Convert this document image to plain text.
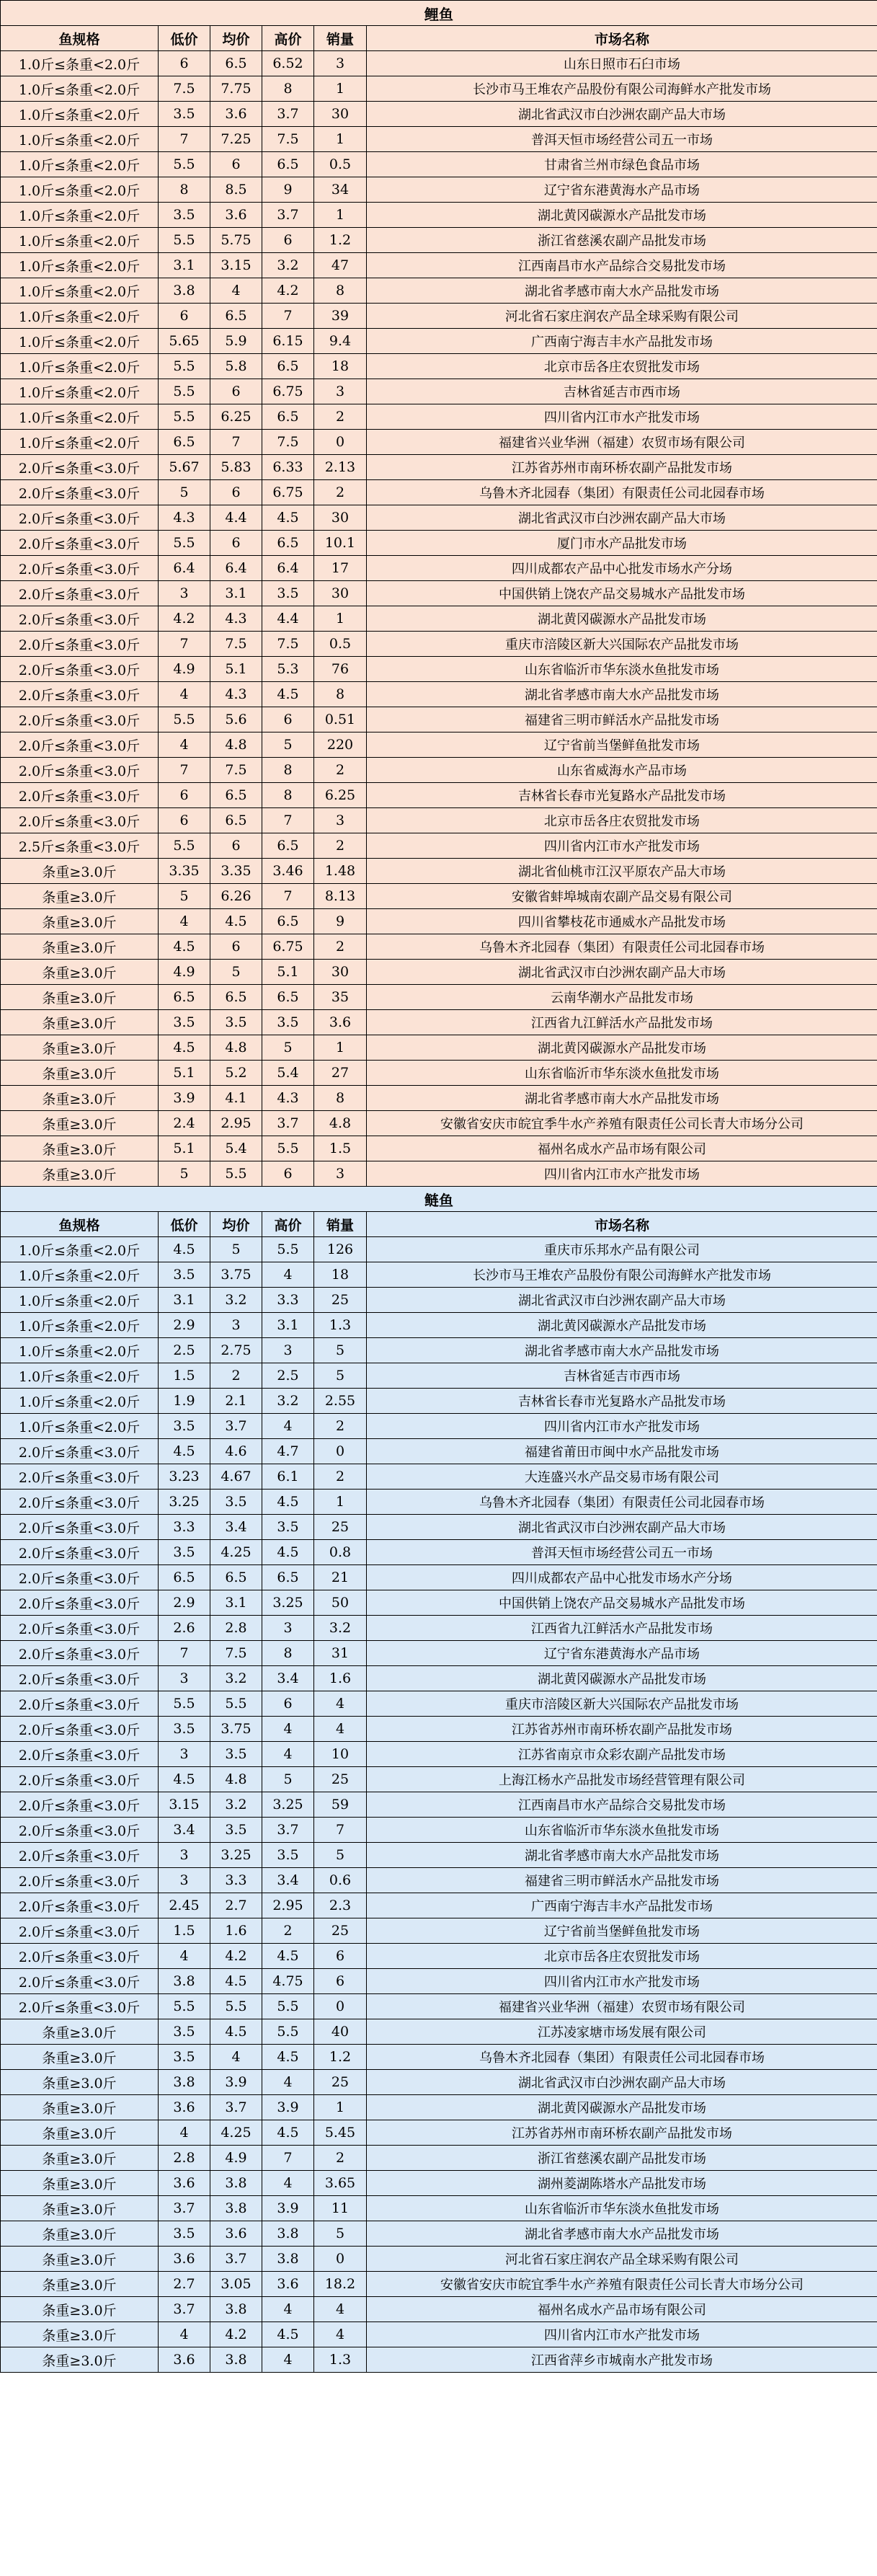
鲤鱼					
鱼规格	低价	均价	高价	销量	市场名称
1.0斤≤条重<2.0斤	6	6.5	6.52	3	山东日照市石臼市场
1.0斤≤条重<2.0斤	7.5	7.75	8	1	长沙市马王堆农产品股份有限公司海鲜水产批发市场
1.0斤≤条重<2.0斤	3.5	3.6	3.7	30	湖北省武汉市白沙洲农副产品大市场
1.0斤≤条重<2.0斤	7	7.25	7.5	1	普洱天恒市场经营公司五一市场
1.0斤≤条重<2.0斤	5.5	6	6.5	0.5	甘肃省兰州市绿色食品市场
1.0斤≤条重<2.0斤	8	8.5	9	34	辽宁省东港黄海水产品市场
1.0斤≤条重<2.0斤	3.5	3.6	3.7	1	湖北黄冈碳源水产品批发市场
1.0斤≤条重<2.0斤	5.5	5.75	6	1.2	浙江省慈溪农副产品批发市场
1.0斤≤条重<2.0斤	3.1	3.15	3.2	47	江西南昌市水产品综合交易批发市场
1.0斤≤条重<2.0斤	3.8	4	4.2	8	湖北省孝感市南大水产品批发市场
1.0斤≤条重<2.0斤	6	6.5	7	39	河北省石家庄润农产品全球采购有限公司
1.0斤≤条重<2.0斤	5.65	5.9	6.15	9.4	广西南宁海吉丰水产品批发市场
1.0斤≤条重<2.0斤	5.5	5.8	6.5	18	北京市岳各庄农贸批发市场
1.0斤≤条重<2.0斤	5.5	6	6.75	3	吉林省延吉市西市场
1.0斤≤条重<2.0斤	5.5	6.25	6.5	2	四川省内江市水产批发市场
1.0斤≤条重<2.0斤	6.5	7	7.5	0	福建省兴业华洲（福建）农贸市场有限公司
2.0斤≤条重<3.0斤	5.67	5.83	6.33	2.13	江苏省苏州市南环桥农副产品批发市场
2.0斤≤条重<3.0斤	5	6	6.75	2	乌鲁木齐北园春（集团）有限责任公司北园春市场
2.0斤≤条重<3.0斤	4.3	4.4	4.5	30	湖北省武汉市白沙洲农副产品大市场
2.0斤≤条重<3.0斤	5.5	6	6.5	10.1	厦门市水产品批发市场
2.0斤≤条重<3.0斤	6.4	6.4	6.4	17	四川成都农产品中心批发市场水产分场
2.0斤≤条重<3.0斤	3	3.1	3.5	30	中国供销上饶农产品交易城水产品批发市场
2.0斤≤条重<3.0斤	4.2	4.3	4.4	1	湖北黄冈碳源水产品批发市场
2.0斤≤条重<3.0斤	7	7.5	7.5	0.5	重庆市涪陵区新大兴国际农产品批发市场
2.0斤≤条重<3.0斤	4.9	5.1	5.3	76	山东省临沂市华东淡水鱼批发市场
2.0斤≤条重<3.0斤	4	4.3	4.5	8	湖北省孝感市南大水产品批发市场
2.0斤≤条重<3.0斤	5.5	5.6	6	0.51	福建省三明市鲜活水产品批发市场
2.0斤≤条重<3.0斤	4	4.8	5	220	辽宁省前当堡鲜鱼批发市场
2.0斤≤条重<3.0斤	7	7.5	8	2	山东省威海水产品市场
2.0斤≤条重<3.0斤	6	6.5	8	6.25	吉林省长春市光复路水产品批发市场
2.0斤≤条重<3.0斤	6	6.5	7	3	北京市岳各庄农贸批发市场
2.5斤≤条重<3.0斤	5.5	6	6.5	2	四川省内江市水产批发市场
条重≥3.0斤	3.35	3.35	3.46	1.48	湖北省仙桃市江汉平原农产品大市场
条重≥3.0斤	5	6.26	7	8.13	安徽省蚌埠城南农副产品交易有限公司
条重≥3.0斤	4	4.5	6.5	9	四川省攀枝花市通威水产品批发市场
条重≥3.0斤	4.5	6	6.75	2	乌鲁木齐北园春（集团）有限责任公司北园春市场
条重≥3.0斤	4.9	5	5.1	30	湖北省武汉市白沙洲农副产品大市场
条重≥3.0斤	6.5	6.5	6.5	35	云南华潮水产品批发市场
条重≥3.0斤	3.5	3.5	3.5	3.6	江西省九江鲜活水产品批发市场
条重≥3.0斤	4.5	4.8	5	1	湖北黄冈碳源水产品批发市场
条重≥3.0斤	5.1	5.2	5.4	27	山东省临沂市华东淡水鱼批发市场
条重≥3.0斤	3.9	4.1	4.3	8	湖北省孝感市南大水产品批发市场
条重≥3.0斤	2.4	2.95	3.7	4.8	安徽省安庆市皖宜季牛水产养殖有限责任公司长青大市场分公司
条重≥3.0斤	5.1	5.4	5.5	1.5	福州名成水产品市场有限公司
条重≥3.0斤	5	5.5	6	3	四川省内江市水产批发市场
鲢鱼					
鱼规格	低价	均价	高价	销量	市场名称
1.0斤≤条重<2.0斤	4.5	5	5.5	126	重庆市乐邦水产品有限公司
1.0斤≤条重<2.0斤	3.5	3.75	4	18	长沙市马王堆农产品股份有限公司海鲜水产批发市场
1.0斤≤条重<2.0斤	3.1	3.2	3.3	25	湖北省武汉市白沙洲农副产品大市场
1.0斤≤条重<2.0斤	2.9	3	3.1	1.3	湖北黄冈碳源水产品批发市场
1.0斤≤条重<2.0斤	2.5	2.75	3	5	湖北省孝感市南大水产品批发市场
1.0斤≤条重<2.0斤	1.5	2	2.5	5	吉林省延吉市西市场
1.0斤≤条重<2.0斤	1.9	2.1	3.2	2.55	吉林省长春市光复路水产品批发市场
1.0斤≤条重<2.0斤	3.5	3.7	4	2	四川省内江市水产批发市场
2.0斤≤条重<3.0斤	4.5	4.6	4.7	0	福建省莆田市闽中水产品批发市场
2.0斤≤条重<3.0斤	3.23	4.67	6.1	2	大连盛兴水产品交易市场有限公司
2.0斤≤条重<3.0斤	3.25	3.5	4.5	1	乌鲁木齐北园春（集团）有限责任公司北园春市场
2.0斤≤条重<3.0斤	3.3	3.4	3.5	25	湖北省武汉市白沙洲农副产品大市场
2.0斤≤条重<3.0斤	3.5	4.25	4.5	0.8	普洱天恒市场经营公司五一市场
2.0斤≤条重<3.0斤	6.5	6.5	6.5	21	四川成都农产品中心批发市场水产分场
2.0斤≤条重<3.0斤	2.9	3.1	3.25	50	中国供销上饶农产品交易城水产品批发市场
2.0斤≤条重<3.0斤	2.6	2.8	3	3.2	江西省九江鲜活水产品批发市场
2.0斤≤条重<3.0斤	7	7.5	8	31	辽宁省东港黄海水产品市场
2.0斤≤条重<3.0斤	3	3.2	3.4	1.6	湖北黄冈碳源水产品批发市场
2.0斤≤条重<3.0斤	5.5	5.5	6	4	重庆市涪陵区新大兴国际农产品批发市场
2.0斤≤条重<3.0斤	3.5	3.75	4	4	江苏省苏州市南环桥农副产品批发市场
2.0斤≤条重<3.0斤	3	3.5	4	10	江苏省南京市众彩农副产品批发市场
2.0斤≤条重<3.0斤	4.5	4.8	5	25	上海江杨水产品批发市场经营管理有限公司
2.0斤≤条重<3.0斤	3.15	3.2	3.25	59	江西南昌市水产品综合交易批发市场
2.0斤≤条重<3.0斤	3.4	3.5	3.7	7	山东省临沂市华东淡水鱼批发市场
2.0斤≤条重<3.0斤	3	3.25	3.5	5	湖北省孝感市南大水产品批发市场
2.0斤≤条重<3.0斤	3	3.3	3.4	0.6	福建省三明市鲜活水产品批发市场
2.0斤≤条重<3.0斤	2.45	2.7	2.95	2.3	广西南宁海吉丰水产品批发市场
2.0斤≤条重<3.0斤	1.5	1.6	2	25	辽宁省前当堡鲜鱼批发市场
2.0斤≤条重<3.0斤	4	4.2	4.5	6	北京市岳各庄农贸批发市场
2.0斤≤条重<3.0斤	3.8	4.5	4.75	6	四川省内江市水产批发市场
2.0斤≤条重<3.0斤	5.5	5.5	5.5	0	福建省兴业华洲（福建）农贸市场有限公司
条重≥3.0斤	3.5	4.5	5.5	40	江苏凌家塘市场发展有限公司
条重≥3.0斤	3.5	4	4.5	1.2	乌鲁木齐北园春（集团）有限责任公司北园春市场
条重≥3.0斤	3.8	3.9	4	25	湖北省武汉市白沙洲农副产品大市场
条重≥3.0斤	3.6	3.7	3.9	1	湖北黄冈碳源水产品批发市场
条重≥3.0斤	4	4.25	4.5	5.45	江苏省苏州市南环桥农副产品批发市场
条重≥3.0斤	2.8	4.9	7	2	浙江省慈溪农副产品批发市场
条重≥3.0斤	3.6	3.8	4	3.65	湖州菱湖陈塔水产品批发市场
条重≥3.0斤	3.7	3.8	3.9	11	山东省临沂市华东淡水鱼批发市场
条重≥3.0斤	3.5	3.6	3.8	5	湖北省孝感市南大水产品批发市场
条重≥3.0斤	3.6	3.7	3.8	0	河北省石家庄润农产品全球采购有限公司
条重≥3.0斤	2.7	3.05	3.6	18.2	安徽省安庆市皖宜季牛水产养殖有限责任公司长青大市场分公司
条重≥3.0斤	3.7	3.8	4	4	福州名成水产品市场有限公司
条重≥3.0斤	4	4.2	4.5	4	四川省内江市水产批发市场
条重≥3.0斤	3.6	3.8	4	1.3	江西省萍乡市城南水产批发市场
